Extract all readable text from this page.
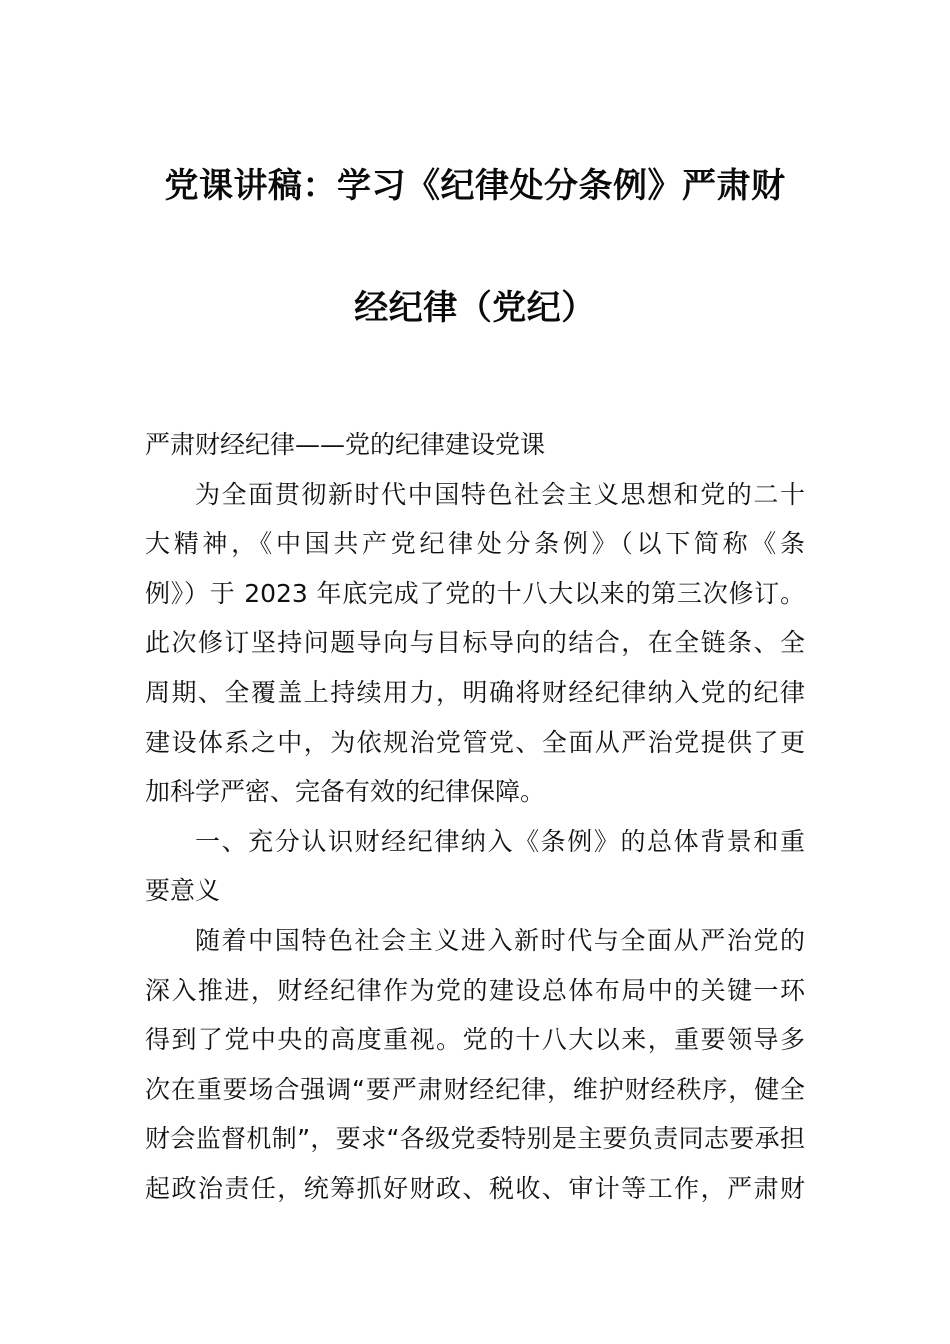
党课讲稿：学习《纪律处分条例》严肃财
经纪律（党纪）
严肃财经纪律——党的纪律建设党课
为全面贯彻新时代中国特色社会主义思想和党的二十
大精神，《中国共产党纪律处分条例》（以下简称《条
例》）于 2023 年底完成了党的十八大以来的第三次修订。
此次修订坚持问题导向与目标导向的结合，在全链条、全
周期、全覆盖上持续用力，明确将财经纪律纳入党的纪律
建设体系之中，为依规治党管党、全面从严治党提供了更
加科学严密、完备有效的纪律保障。
一、充分认识财经纪律纳入《条例》的总体背景和重
要意义
随着中国特色社会主义进入新时代与全面从严治党的
深入推进，财经纪律作为党的建设总体布局中的关键一环
得到了党中央的高度重视。党的十八大以来，重要领导多
次在重要场合强调“要严肃财经纪律，维护财经秩序，健全
财会监督机制”，要求“各级党委特别是主要负责同志要承担
起政治责任，统筹抓好财政、税收、审计等工作，严肃财
